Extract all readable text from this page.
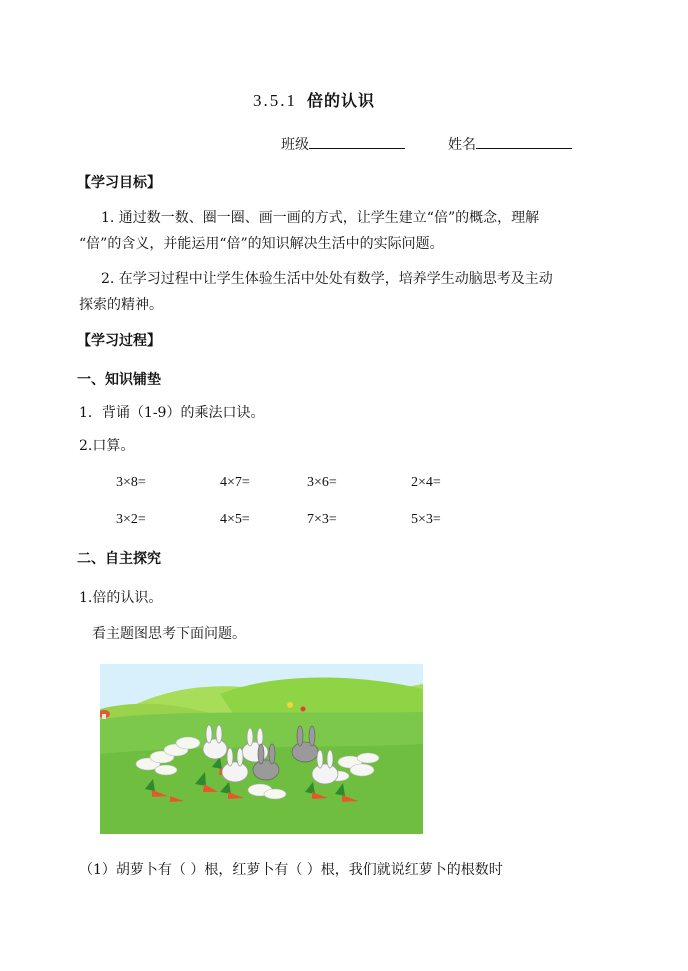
3.5.1 倍的认识
班级	姓名
【学习目标】
1. 通过数一数、圈一圈、画一画的方式，让学生建立“倍”的概念，理解
“倍”的含义，并能运用“倍”的知识解决生活中的实际问题。
2. 在学习过程中让学生体验生活中处处有数学，培养学生动脑思考及主动
探索的精神。
【学习过程】
一、知识铺垫
1．背诵（1-9）的乘法口诀。
2.口算。
3×8=	4×7=	3×6=	2×4=
3×2=	4×5=	7×3=	5×3=
二、自主探究
1.倍的认识。
看主题图思考下面问题。
（1）胡萝卜有（ ）根，红萝卜有（ ）根，我们就说红萝卜的根数时
